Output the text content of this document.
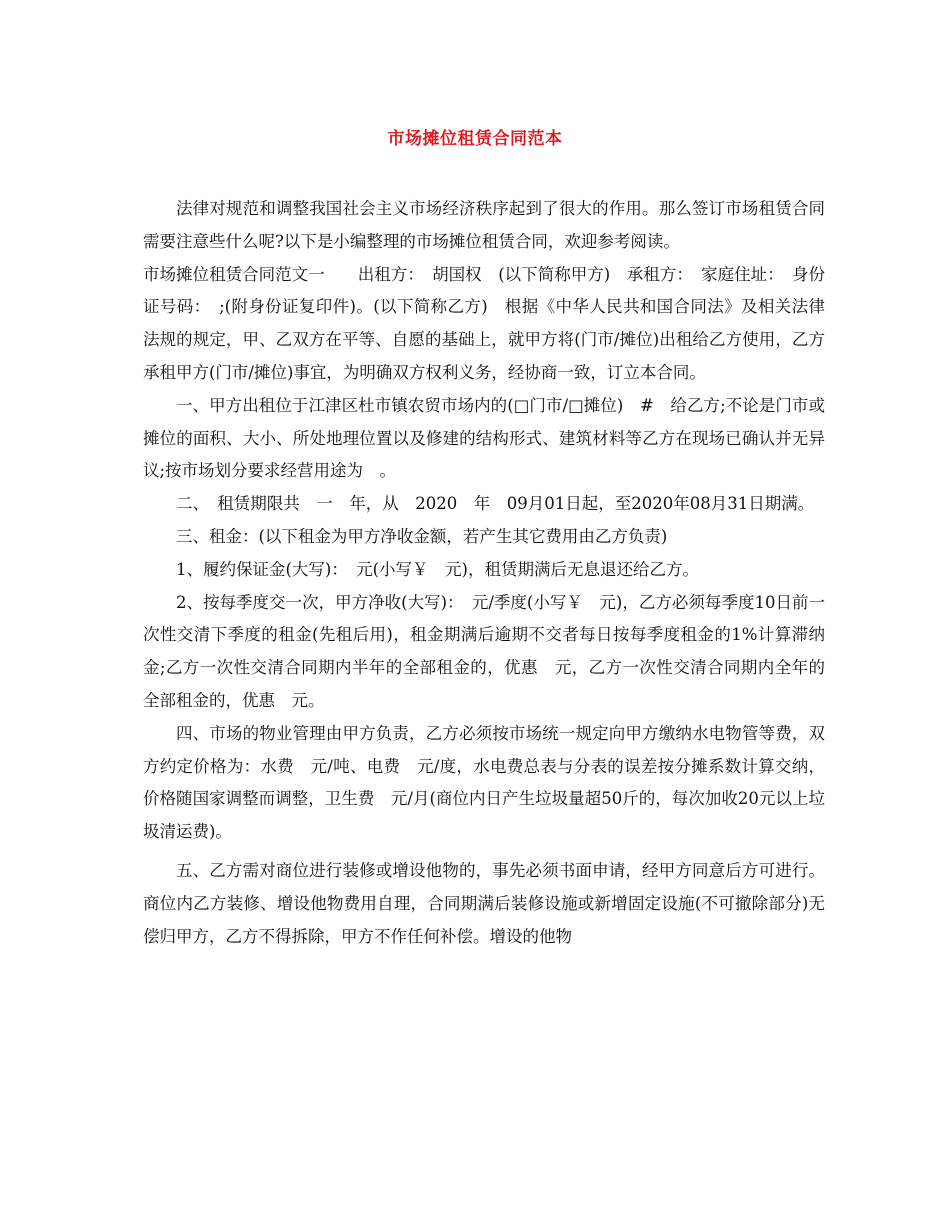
市场摊位租赁合同范本

法律对规范和调整我国社会主义市场经济秩序起到了很大的作用。那么签订市场租赁合同需要注意些什么呢?以下是小编整理的市场摊位租赁合同，欢迎参考阅读。

市场摊位租赁合同范文一　　出租方：　胡国权　(以下简称甲方)　承租方：　家庭住址：　身份证号码：　;(附身份证复印件)。(以下简称乙方)　根据《中华人民共和国合同法》及相关法律法规的规定，甲、乙双方在平等、自愿的基础上，就甲方将(门市/摊位)出租给乙方使用，乙方承租甲方(门市/摊位)事宜，为明确双方权利义务，经协商一致，订立本合同。

一、甲方出租位于江津区杜市镇农贸市场内的(□门市/□摊位)　#　给乙方;不论是门市或摊位的面积、大小、所处地理位置以及修建的结构形式、建筑材料等乙方在现场已确认并无异议;按市场划分要求经营用途为　。

二、　租赁期限共　一　年，从　2020　年　09月01日起，至2020年08月31日期满。

三、租金：(以下租金为甲方净收金额，若产生其它费用由乙方负责)

1、履约保证金(大写)：　元(小写￥　元)，租赁期满后无息退还给乙方。

2、按每季度交一次，甲方净收(大写)：　元/季度(小写￥　元)，乙方必须每季度10日前一次性交清下季度的租金(先租后用)，租金期满后逾期不交者每日按每季度租金的1%计算滞纳金;乙方一次性交清合同期内半年的全部租金的，优惠　元，乙方一次性交清合同期内全年的全部租金的，优惠　元。

四、市场的物业管理由甲方负责，乙方必须按市场统一规定向甲方缴纳水电物管等费，双方约定价格为：水费　元/吨、电费　元/度，水电费总表与分表的误差按分摊系数计算交纳，价格随国家调整而调整，卫生费　元/月(商位内日产生垃圾量超50斤的，每次加收20元以上垃圾清运费)。

五、乙方需对商位进行装修或增设他物的，事先必须书面申请，经甲方同意后方可进行。商位内乙方装修、增设他物费用自理，合同期满后装修设施或新增固定设施(不可撤除部分)无偿归甲方，乙方不得拆除，甲方不作任何补偿。增设的他物
